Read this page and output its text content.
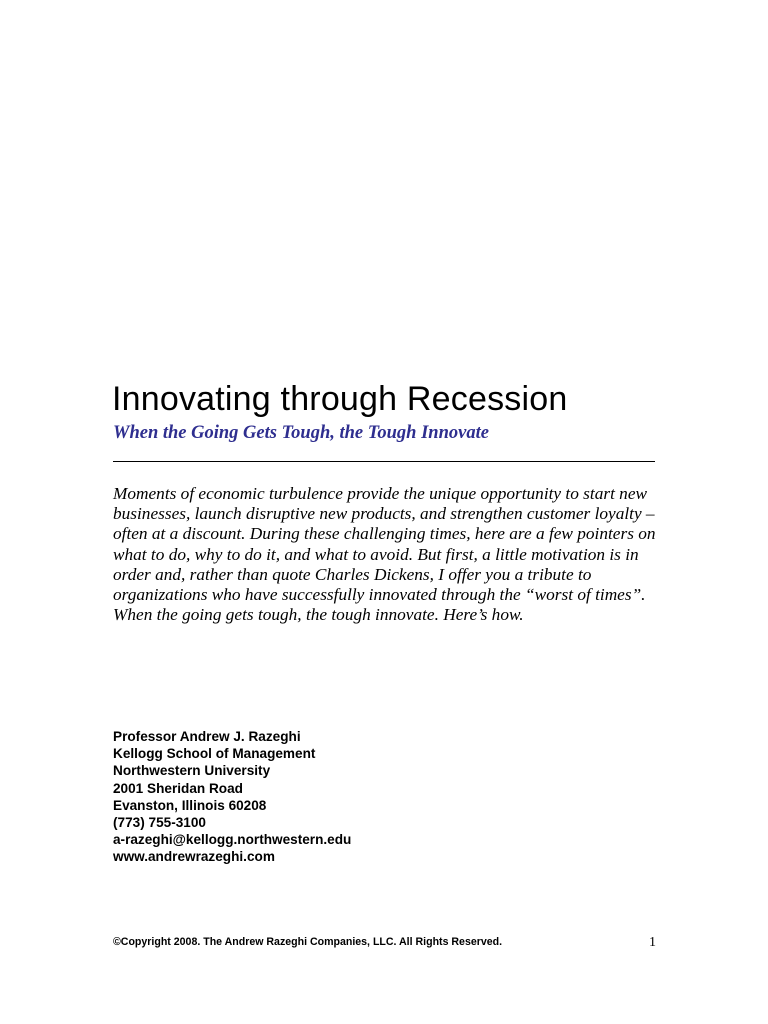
Innovating through Recession
When the Going Gets Tough, the Tough Innovate

Moments of economic turbulence provide the unique opportunity to start new businesses, launch disruptive new products, and strengthen customer loyalty – often at a discount. During these challenging times, here are a few pointers on what to do, why to do it, and what to avoid. But first, a little motivation is in order and, rather than quote Charles Dickens, I offer you a tribute to organizations who have successfully innovated through the “worst of times”. When the going gets tough, the tough innovate. Here’s how.

Professor Andrew J. Razeghi
Kellogg School of Management
Northwestern University
2001 Sheridan Road
Evanston, Illinois 60208
(773) 755-3100
a-razeghi@kellogg.northwestern.edu
www.andrewrazeghi.com

©Copyright 2008. The Andrew Razeghi Companies, LLC. All Rights Reserved.	1
